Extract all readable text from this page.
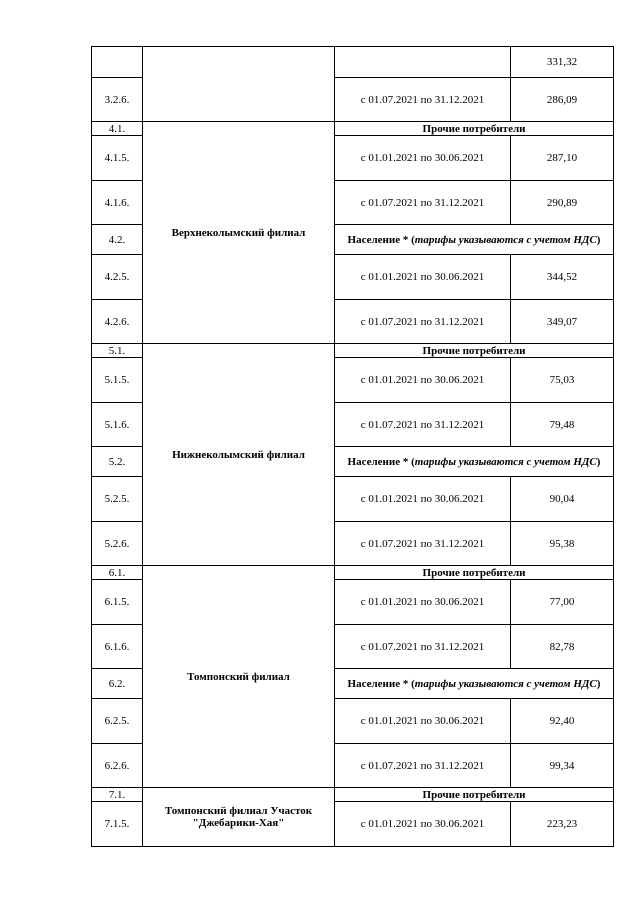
			331,32
3.2.6.		с 01.07.2021 по 31.12.2021	286,09
4.1.	Верхнеколымский филиал	Прочие потребители	
4.1.5.		с 01.01.2021 по 30.06.2021	287,10
4.1.6.		с 01.07.2021 по 31.12.2021	290,89
4.2.		Население * (тарифы указываются с учетом НДС)	
4.2.5.		с 01.01.2021 по 30.06.2021	344,52
4.2.6.		с 01.07.2021 по 31.12.2021	349,07
5.1.	Нижнеколымский филиал	Прочие потребители	
5.1.5.		с 01.01.2021 по 30.06.2021	75,03
5.1.6.		с 01.07.2021 по 31.12.2021	79,48
5.2.		Население * (тарифы указываются с учетом НДС)	
5.2.5.		с 01.01.2021 по 30.06.2021	90,04
5.2.6.		с 01.07.2021 по 31.12.2021	95,38
6.1.	Томпонский филиал	Прочие потребители	
6.1.5.		с 01.01.2021 по 30.06.2021	77,00
6.1.6.		с 01.07.2021 по 31.12.2021	82,78
6.2.		Население * (тарифы указываются с учетом НДС)	
6.2.5.		с 01.01.2021 по 30.06.2021	92,40
6.2.6.		с 01.07.2021 по 31.12.2021	99,34
7.1.	Томпонский филиал Участок "Джебарики-Хая"	Прочие потребители	
7.1.5.		с 01.01.2021 по 30.06.2021	223,23
